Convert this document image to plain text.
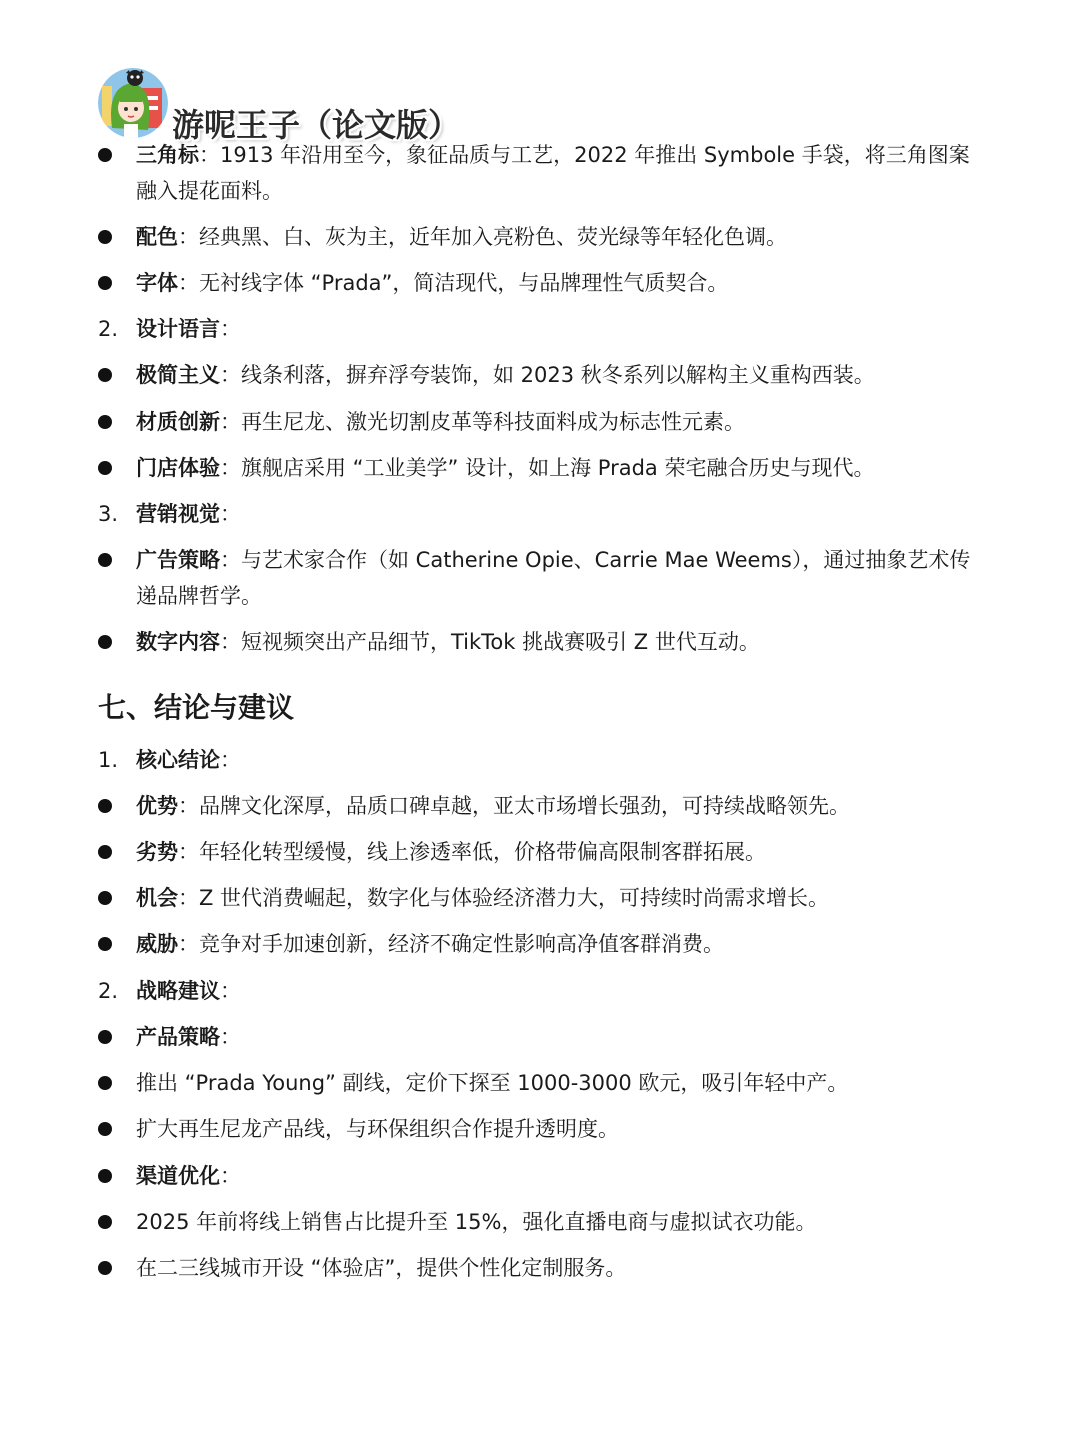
游呢王子（论文版）
三角标：1913 年沿用至今，象征品质与工艺，2022 年推出 Symbole 手袋，将三角图案融入提花面料。
配色：经典黑、白、灰为主，近年加入亮粉色、荧光绿等年轻化色调。
字体：无衬线字体 “Prada”，简洁现代，与品牌理性气质契合。
2. 设计语言：
极简主义：线条利落，摒弃浮夸装饰，如 2023 秋冬系列以解构主义重构西装。
材质创新：再生尼龙、激光切割皮革等科技面料成为标志性元素。
门店体验：旗舰店采用 “工业美学” 设计，如上海 Prada 荣宅融合历史与现代。
3. 营销视觉：
广告策略：与艺术家合作（如 Catherine Opie、Carrie Mae Weems），通过抽象艺术传递品牌哲学。
数字内容：短视频突出产品细节，TikTok 挑战赛吸引 Z 世代互动。
七、结论与建议
1. 核心结论：
优势：品牌文化深厚，品质口碑卓越，亚太市场增长强劲，可持续战略领先。
劣势：年轻化转型缓慢，线上渗透率低，价格带偏高限制客群拓展。
机会：Z 世代消费崛起，数字化与体验经济潜力大，可持续时尚需求增长。
威胁：竞争对手加速创新，经济不确定性影响高净值客群消费。
2. 战略建议：
产品策略：
推出 “Prada Young” 副线，定价下探至 1000-3000 欧元，吸引年轻中产。
扩大再生尼龙产品线，与环保组织合作提升透明度。
渠道优化：
2025 年前将线上销售占比提升至 15%，强化直播电商与虚拟试衣功能。
在二三线城市开设 “体验店”，提供个性化定制服务。
